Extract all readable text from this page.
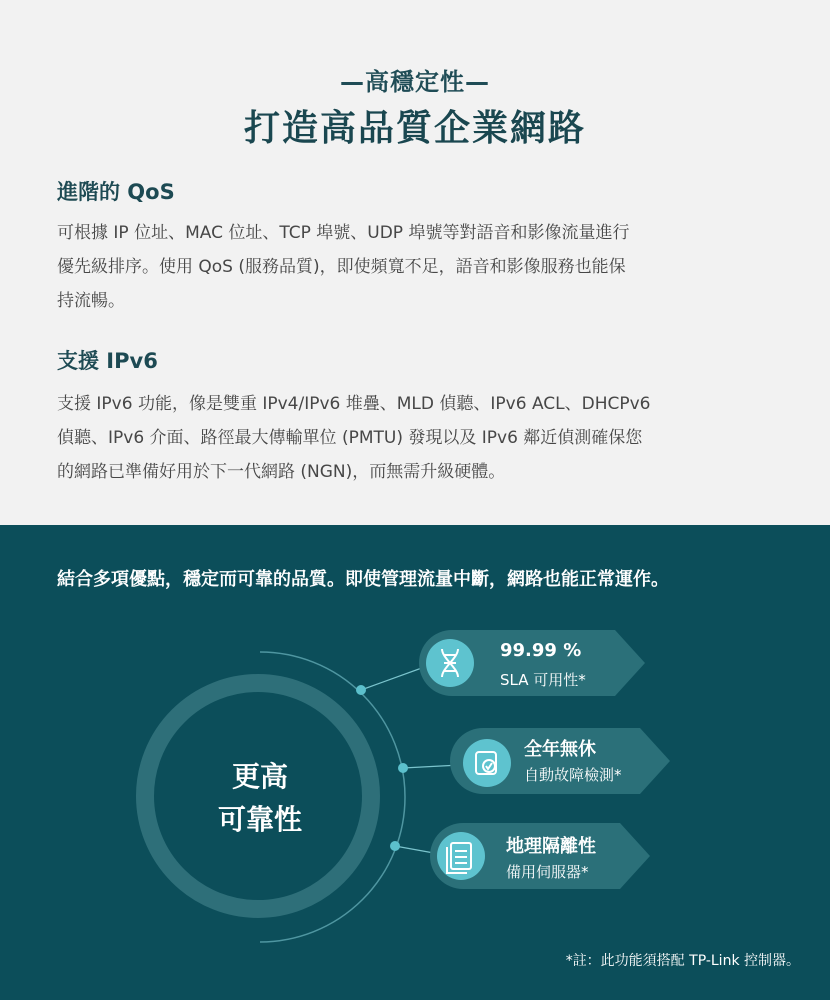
—高穩定性—
打造高品質企業網路
進階的 QoS
可根據 IP 位址、MAC 位址、TCP 埠號、UDP 埠號等對語音和影像流量進行
優先級排序。使用 QoS (服務品質)，即使頻寬不足，語音和影像服務也能保
持流暢。
支援 IPv6
支援 IPv6 功能，像是雙重 IPv4/IPv6 堆疊、MLD 偵聽、IPv6 ACL、DHCPv6
偵聽、IPv6 介面、路徑最大傳輸單位 (PMTU) 發現以及 IPv6 鄰近偵測確保您
的網路已準備好用於下一代網路 (NGN)，而無需升級硬體。
結合多項優點，穩定而可靠的品質。即使管理流量中斷，網路也能正常運作。
更高
可靠性
99.99 %
SLA 可用性*
全年無休
自動故障檢測*
地理隔離性
備用伺服器*
*註：此功能須搭配 TP-Link 控制器。
